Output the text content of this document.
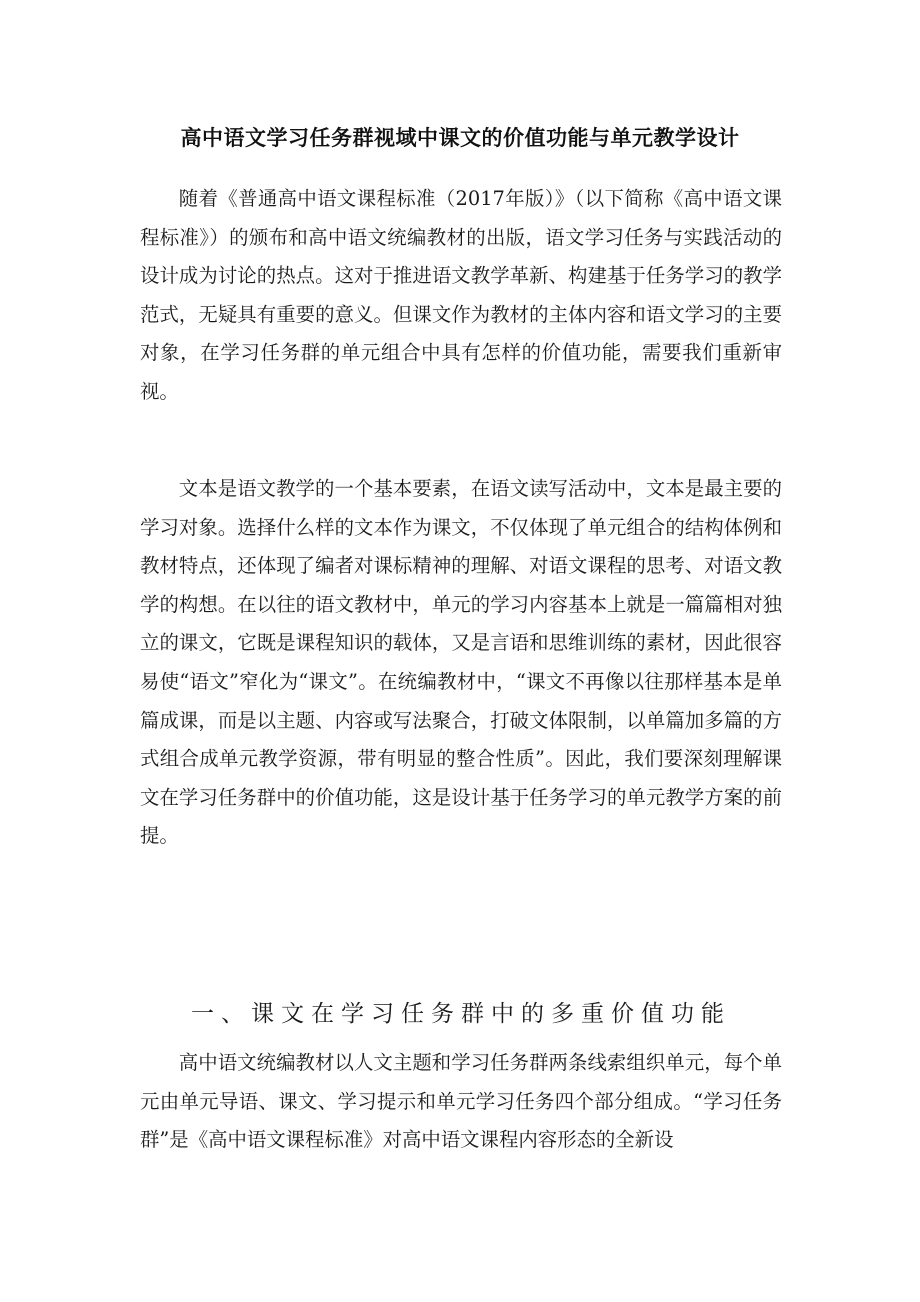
高中语文学习任务群视域中课文的价值功能与单元教学设计

随着《普通高中语文课程标准（2017年版）》（以下简称《高中语文课程标准》）的颁布和高中语文统编教材的出版，语文学习任务与实践活动的设计成为讨论的热点。这对于推进语文教学革新、构建基于任务学习的教学范式，无疑具有重要的意义。但课文作为教材的主体内容和语文学习的主要对象，在学习任务群的单元组合中具有怎样的价值功能，需要我们重新审视。

文本是语文教学的一个基本要素，在语文读写活动中，文本是最主要的学习对象。选择什么样的文本作为课文，不仅体现了单元组合的结构体例和教材特点，还体现了编者对课标精神的理解、对语文课程的思考、对语文教学的构想。在以往的语文教材中，单元的学习内容基本上就是一篇篇相对独立的课文，它既是课程知识的载体，又是言语和思维训练的素材，因此很容易使“语文”窄化为“课文”。在统编教材中，“课文不再像以往那样基本是单篇成课，而是以主题、内容或写法聚合，打破文体限制，以单篇加多篇的方式组合成单元教学资源，带有明显的整合性质”。因此，我们要深刻理解课文在学习任务群中的价值功能，这是设计基于任务学习的单元教学方案的前提。

一、课文在学习任务群中的多重价值功能

高中语文统编教材以人文主题和学习任务群两条线索组织单元，每个单元由单元导语、课文、学习提示和单元学习任务四个部分组成。“学习任务群”是《高中语文课程标准》对高中语文课程内容形态的全新设
